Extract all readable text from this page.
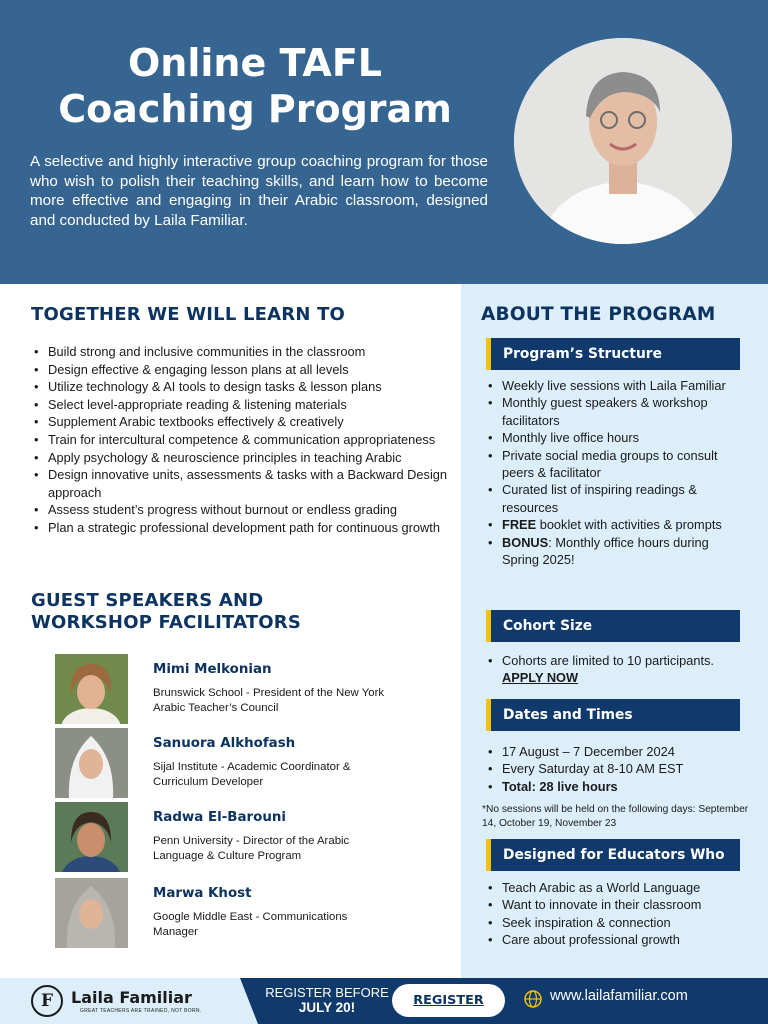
Online TAFL
Coaching Program

A selective and highly interactive group coaching program for those who wish to polish their teaching skills, and learn how to become more effective and engaging in their Arabic classroom, designed and conducted by Laila Familiar.

ABOUT THE PROGRAM
Program’s Structure
• Weekly live sessions with Laila Familiar
• Monthly guest speakers & workshop facilitators
• Monthly live office hours
• Private social media groups to consult peers & facilitator
• Curated list of inspiring readings & resources
• FREE booklet with activities & prompts
• BONUS: Monthly office hours during Spring 2025!
Cohort Size
• Cohorts are limited to 10 participants. APPLY NOW
Dates and Times
• 17 August – 7 December 2024
• Every Saturday at 8-10 AM EST
• Total: 28 live hours

*No sessions will be held on the following days: September 14, October 19, November 23

Designed for Educators Who
• Teach Arabic as a World Language
• Want to innovate in their classroom
• Seek inspiration & connection
• Care about professional growth
TOGETHER WE WILL LEARN TO
• Build strong and inclusive communities in the classroom
• Design effective & engaging lesson plans at all levels
• Utilize technology & AI tools to design tasks & lesson plans
• Select level-appropriate reading & listening materials
• Supplement Arabic textbooks effectively & creatively
• Train for intercultural competence & communication appropriateness
• Apply psychology & neuroscience principles in teaching Arabic
• Design innovative units, assessments & tasks with a Backward Design approach
• Assess student’s progress without burnout or endless grading
• Plan a strategic professional development path for continuous growth
GUEST SPEAKERS AND WORKSHOP FACILITATORS
Mimi Melkonian
Brunswick School - President of the New York Arabic Teacher’s Council
Sanuora Alkhofash
Sijal Institute - Academic Coordinator & Curriculum Developer
Radwa El-Barouni
Penn University - Director of the Arabic Language & Culture Program
Marwa Khost
Google Middle East - Communications Manager
F	Laila Familiar
GREAT TEACHERS ARE TRAINED, NOT BORN.
REGISTER BEFORE
JULY 20!	REGISTER	www.lailafamiliar.com
